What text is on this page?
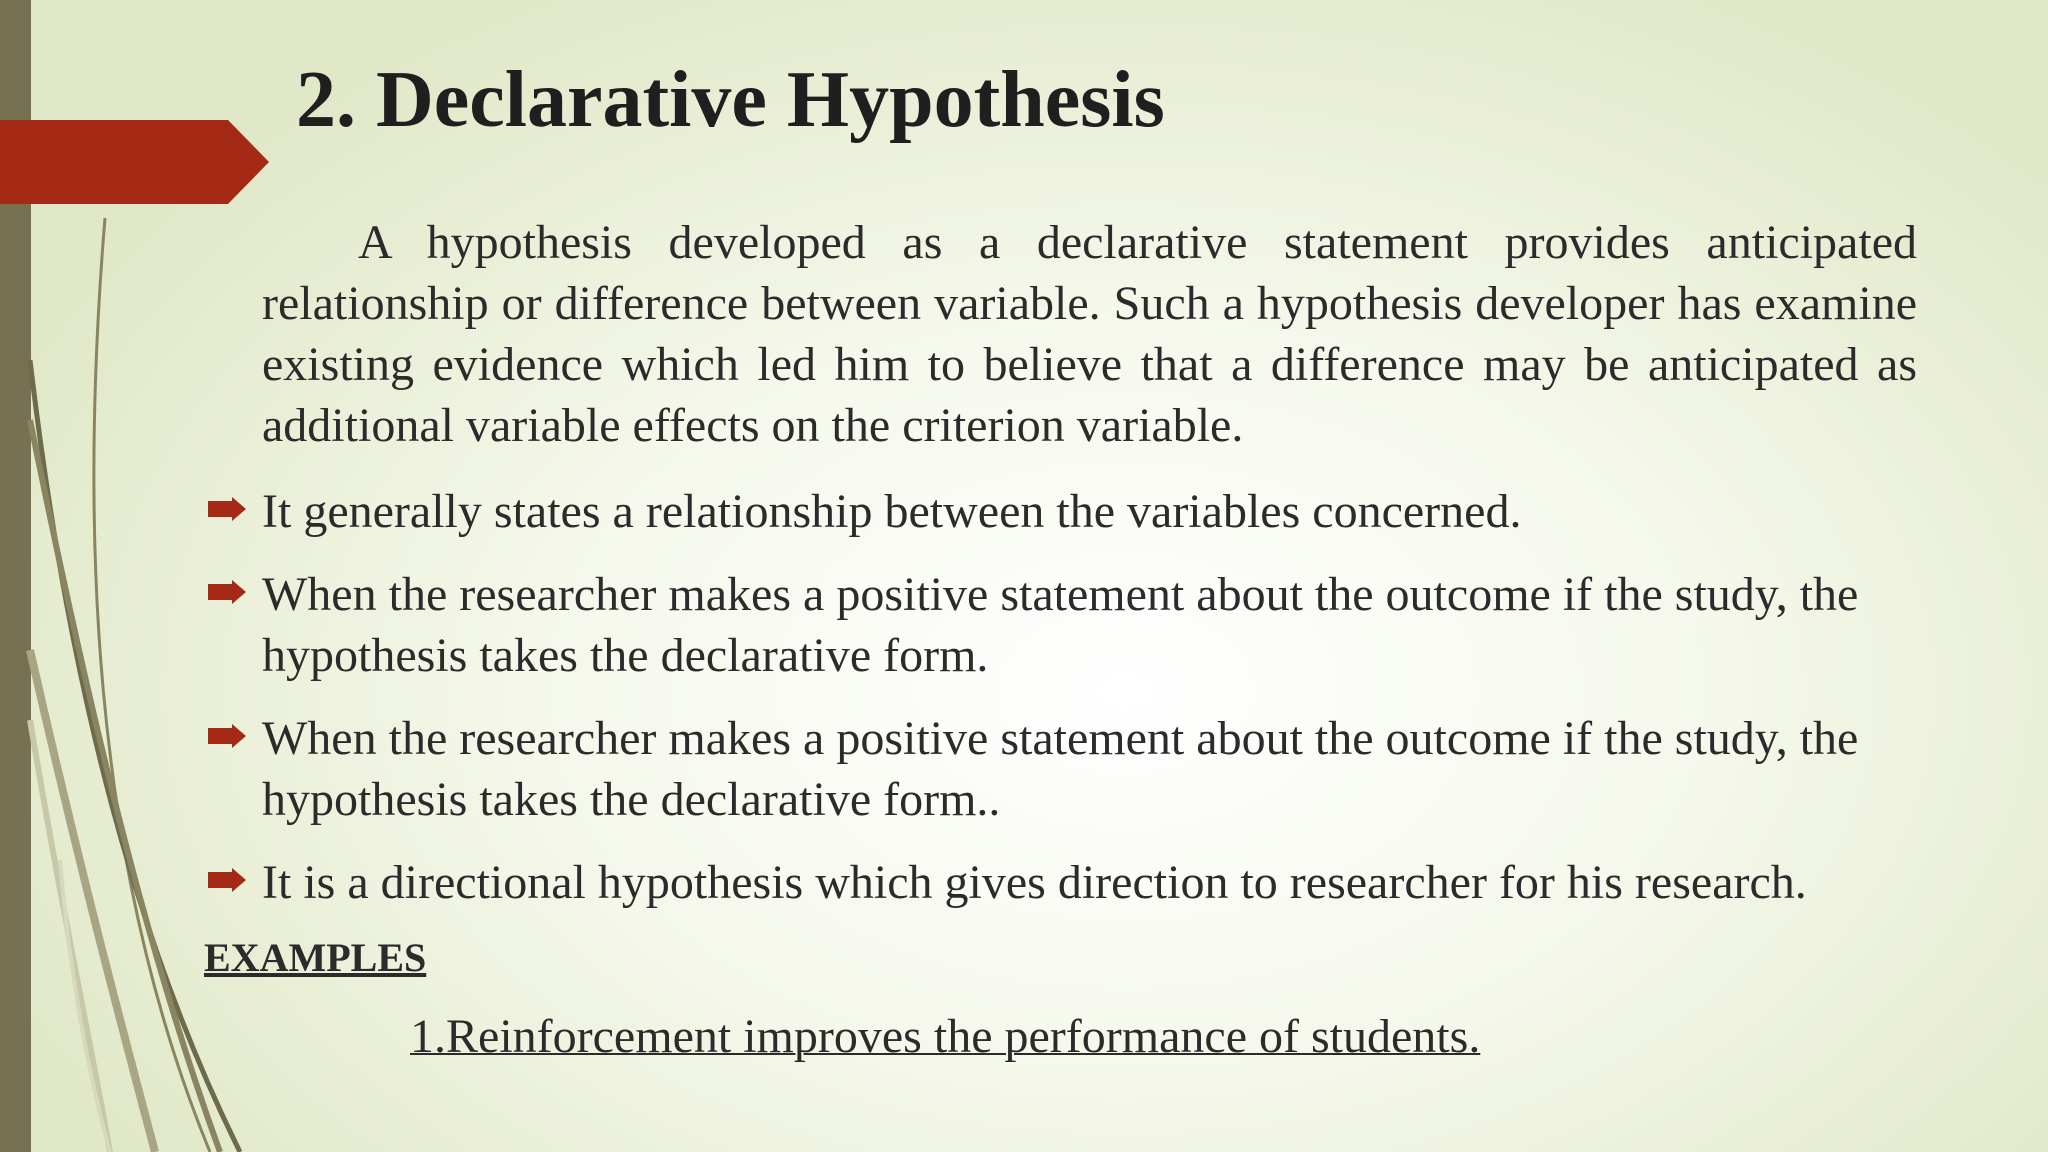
2. Declarative Hypothesis

A hypothesis developed as a declarative statement provides anticipated relationship or difference between variable. Such a hypothesis developer has examine existing evidence which led him to believe that a difference may be anticipated as additional variable effects on the criterion variable.

It generally states a relationship between the variables concerned.
When the researcher makes a positive statement about the outcome if the study, the hypothesis takes the declarative form.
When the researcher makes a positive statement about the outcome if the study, the hypothesis takes the declarative form..
It is a directional hypothesis which gives direction to researcher for his research.

EXAMPLES

1.Reinforcement improves the performance of students.
